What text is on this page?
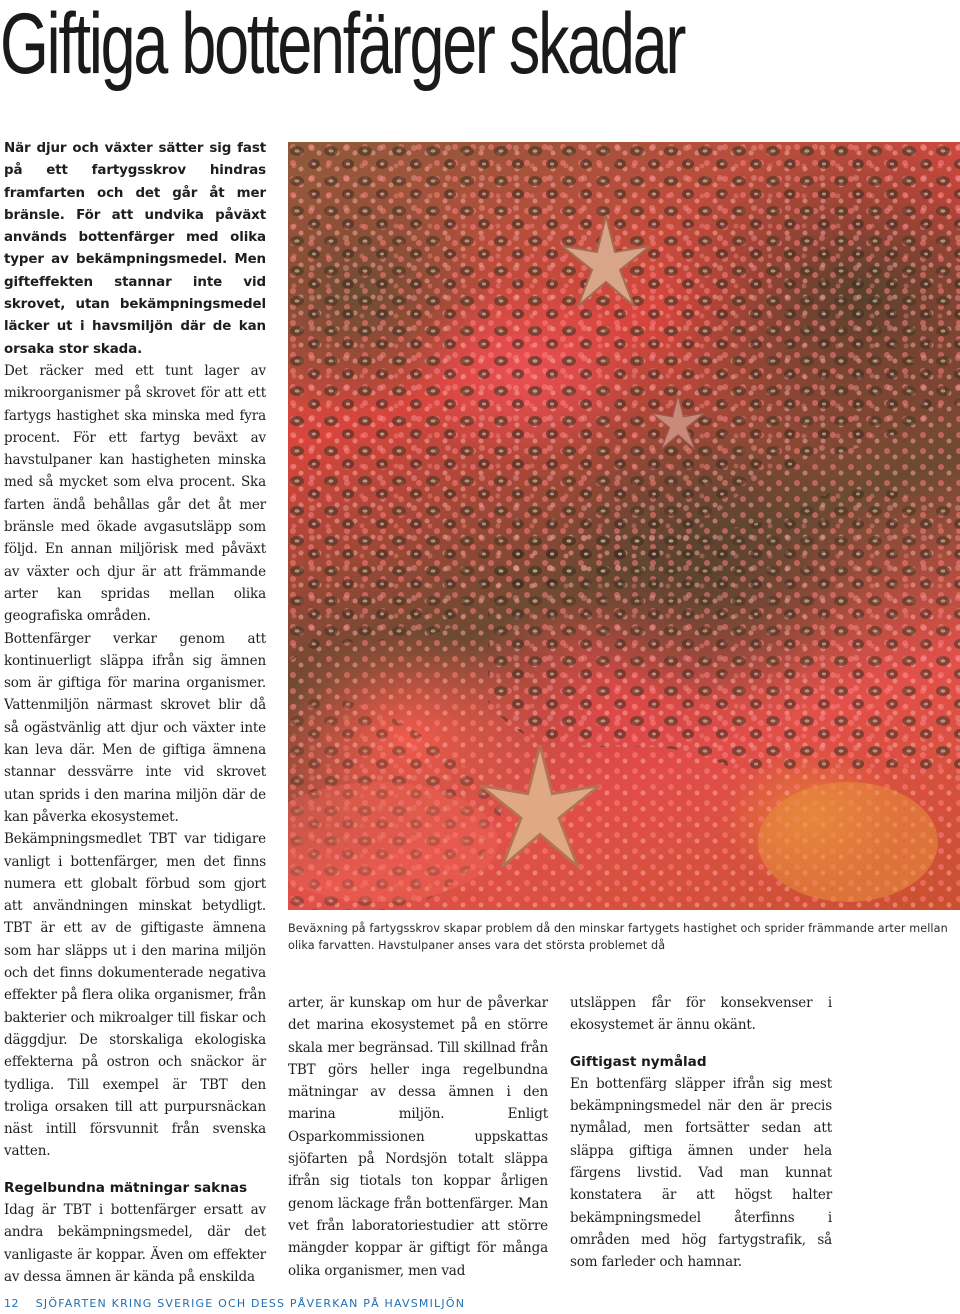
Giftiga bottenfärger skadar

När djur och växter sätter sig fast på ett fartygsskrov hindras framfarten och det går åt mer bränsle. För att undvika påväxt används bottenfärger med olika typer av bekämpningsmedel. Men gifteffekten stannar inte vid skrovet, utan bekämpningsmedel läcker ut i havsmiljön där de kan orsaka stor skada.

Det räcker med ett tunt lager av mikroorganismer på skrovet för att ett fartygs hastighet ska minska med fyra procent. För ett fartyg beväxt av havstulpaner kan hastigheten minska med så mycket som elva procent. Ska farten ändå behållas går det åt mer bränsle med ökade avgasutsläpp som följd. En annan miljörisk med påväxt av växter och djur är att främmande arter kan spridas mellan olika geografiska områden.

Bottenfärger verkar genom att kontinuerligt släppa ifrån sig ämnen som är giftiga för marina organismer. Vattenmiljön närmast skrovet blir då så ogästvänlig att djur och växter inte kan leva där. Men de giftiga ämnena stannar dessvärre inte vid skrovet utan sprids i den marina miljön där de kan påverka ekosystemet.

Bekämpningsmedlet TBT var tidigare vanligt i bottenfärger, men det finns numera ett globalt förbud som gjort att användningen minskat betydligt. TBT är ett av de giftigaste ämnena som har släpps ut i den marina miljön och det finns dokumenterade negativa effekter på flera olika organismer, från bakterier och mikroalger till fiskar och däggdjur. De storskaliga ekologiska effekterna på ostron och snäckor är tydliga. Till exempel är TBT den troliga orsaken till att purpursnäckan näst intill försvunnit från svenska vatten.

Regelbundna mätningar saknas

Idag är TBT i bottenfärger ersatt av andra bekämpningsmedel, där det vanligaste är koppar. Även om effekter av dessa ämnen är kända på enskilda

Beväxning på fartygsskrov skapar problem då den minskar fartygets hastighet och sprider främmande arter mellan olika farvatten. Havstulpaner anses vara det största problemet då

arter, är kunskap om hur de påverkar det marina ekosystemet på en större skala mer begränsad. Till skillnad från TBT görs heller inga regelbundna mätningar av dessa ämnen i den marina miljön. Enligt Osparkommissionen uppskattas sjöfarten på Nordsjön totalt släppa ifrån sig tiotals ton koppar årligen genom läckage från bottenfärger. Man vet från laboratoriestudier att större mängder koppar är giftigt för många olika organismer, men vad

utsläppen får för konsekvenser i ekosystemet är ännu okänt.

Giftigast nymålad

En bottenfärg släpper ifrån sig mest bekämpningsmedel när den är precis nymålad, men fortsätter sedan att släppa giftiga ämnen under hela färgens livstid. Vad man kunnat konstatera är att högst halter bekämpningsmedel återfinns i områden med hög fartygstrafik, så som farleder och hamnar.

12 SJÖFARTEN KRING SVERIGE OCH DESS PÅVERKAN PÅ HAVSMILJÖN
